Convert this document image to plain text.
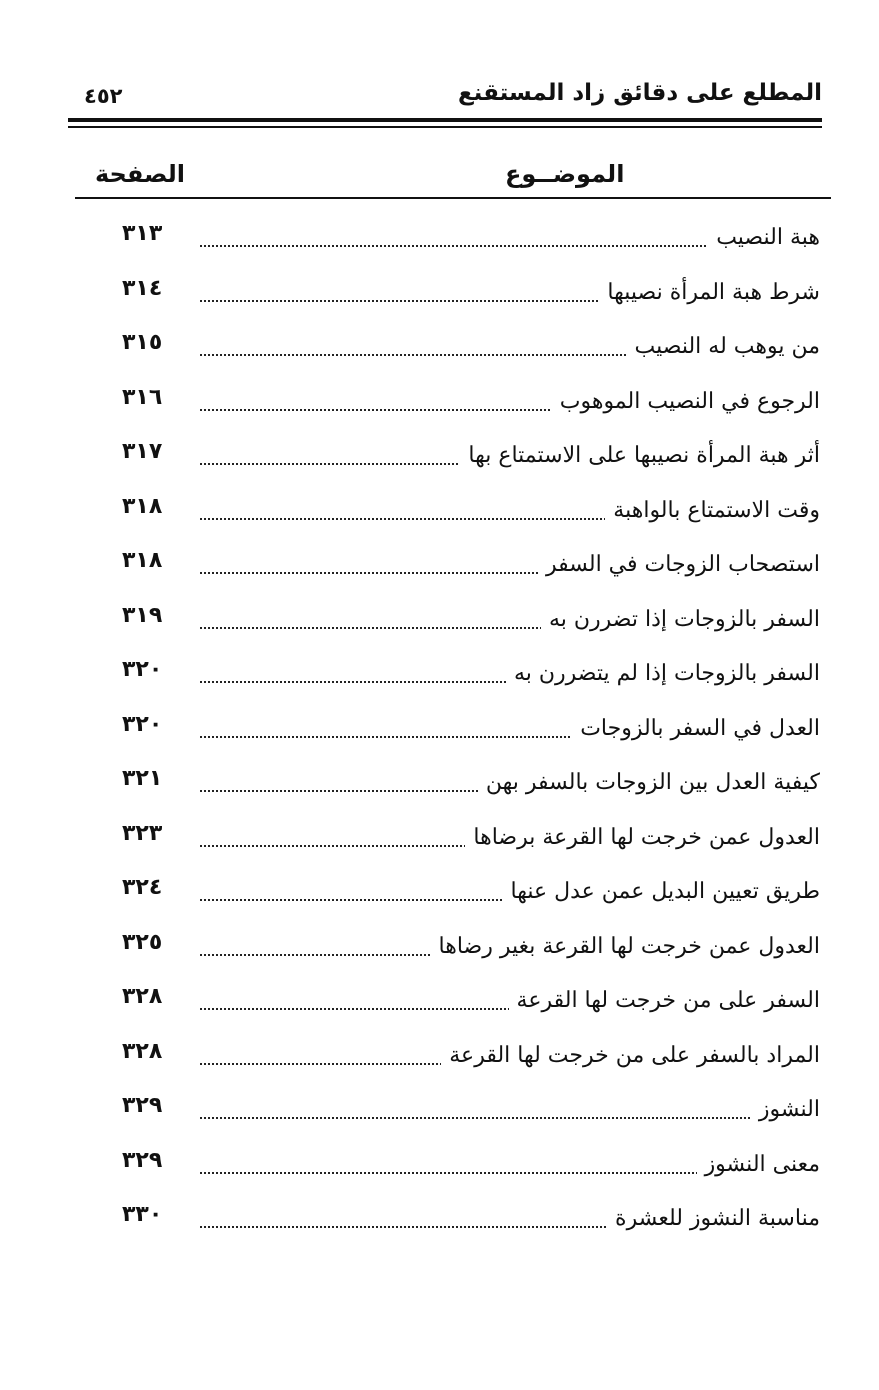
٤٥٢	المطلع على دقائق زاد المستقنع
الموضــوع
الصفحة
هبة النصيب
٣١٣
شرط هبة المرأة نصيبها
٣١٤
من يوهب له النصيب
٣١٥
الرجوع في النصيب الموهوب
٣١٦
أثر هبة المرأة نصيبها على الاستمتاع بها
٣١٧
وقت الاستمتاع بالواهبة
٣١٨
استصحاب الزوجات في السفر
٣١٨
السفر بالزوجات إذا تضررن به
٣١٩
السفر بالزوجات إذا لم يتضررن به
٣٢٠
العدل في السفر بالزوجات
٣٢٠
كيفية العدل بين الزوجات بالسفر بهن
٣٢١
العدول عمن خرجت لها القرعة برضاها
٣٢٣
طريق تعيين البديل عمن عدل عنها
٣٢٤
العدول عمن خرجت لها القرعة بغير رضاها
٣٢٥
السفر على من خرجت لها القرعة
٣٢٨
المراد بالسفر على من خرجت لها القرعة
٣٢٨
النشوز
٣٢٩
معنى النشوز
٣٢٩
مناسبة النشوز للعشرة
٣٣٠
